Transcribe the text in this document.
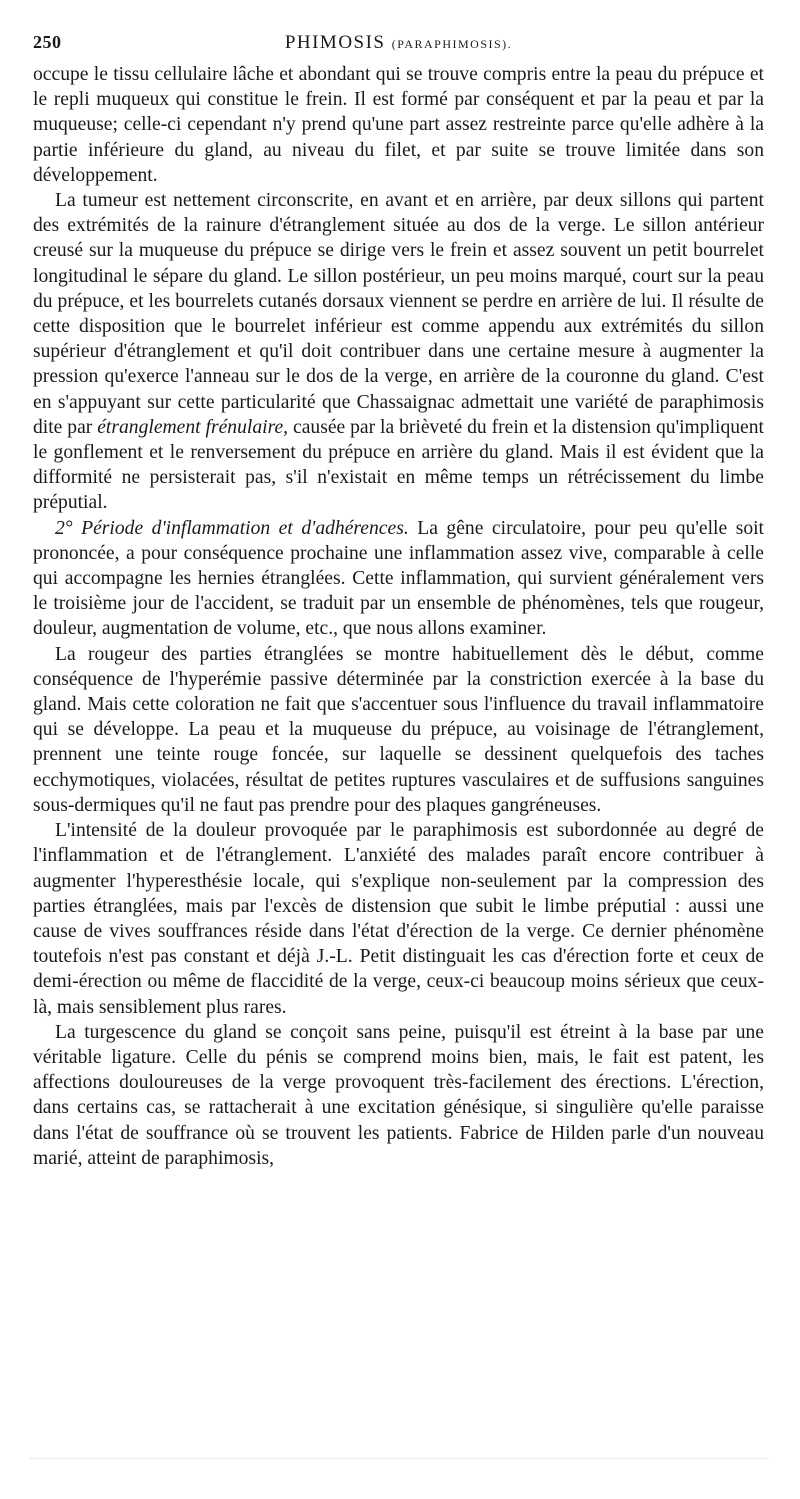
250	PHIMOSIS (PARAPHIMOSIS).

occupe le tissu cellulaire lâche et abondant qui se trouve compris entre la peau du prépuce et le repli muqueux qui constitue le frein. Il est formé par conséquent et par la peau et par la muqueuse; celle-ci cependant n'y prend qu'une part assez restreinte parce qu'elle adhère à la partie inférieure du gland, au niveau du filet, et par suite se trouve limitée dans son développement.

La tumeur est nettement circonscrite, en avant et en arrière, par deux sillons qui partent des extrémités de la rainure d'étranglement située au dos de la verge. Le sillon antérieur creusé sur la muqueuse du prépuce se dirige vers le frein et assez souvent un petit bourrelet longitudinal le sépare du gland. Le sillon postérieur, un peu moins marqué, court sur la peau du prépuce, et les bourrelets cutanés dorsaux viennent se perdre en arrière de lui. Il résulte de cette disposition que le bourrelet inférieur est comme appendu aux extrémités du sillon supérieur d'étranglement et qu'il doit contribuer dans une certaine mesure à augmenter la pression qu'exerce l'anneau sur le dos de la verge, en arrière de la couronne du gland. C'est en s'appuyant sur cette particularité que Chassaignac admettait une variété de paraphimosis dite par étranglement frénulaire, causée par la brièveté du frein et la distension qu'impliquent le gonflement et le renversement du prépuce en arrière du gland. Mais il est évident que la difformité ne persisterait pas, s'il n'existait en même temps un rétrécissement du limbe préputial.

2° Période d'inflammation et d'adhérences. La gêne circulatoire, pour peu qu'elle soit prononcée, a pour conséquence prochaine une inflammation assez vive, comparable à celle qui accompagne les hernies étranglées. Cette inflammation, qui survient généralement vers le troisième jour de l'accident, se traduit par un ensemble de phénomènes, tels que rougeur, douleur, augmentation de volume, etc., que nous allons examiner.

La rougeur des parties étranglées se montre habituellement dès le début, comme conséquence de l'hyperémie passive déterminée par la constriction exercée à la base du gland. Mais cette coloration ne fait que s'accentuer sous l'influence du travail inflammatoire qui se développe. La peau et la muqueuse du prépuce, au voisinage de l'étranglement, prennent une teinte rouge foncée, sur laquelle se dessinent quelquefois des taches ecchymotiques, violacées, résultat de petites ruptures vasculaires et de suffusions sanguines sous-dermiques qu'il ne faut pas prendre pour des plaques gangréneuses.

L'intensité de la douleur provoquée par le paraphimosis est subordonnée au degré de l'inflammation et de l'étranglement. L'anxiété des malades paraît encore contribuer à augmenter l'hyperesthésie locale, qui s'explique non-seulement par la compression des parties étranglées, mais par l'excès de distension que subit le limbe préputial : aussi une cause de vives souffrances réside dans l'état d'érection de la verge. Ce dernier phénomène toutefois n'est pas constant et déjà J.-L. Petit distinguait les cas d'érection forte et ceux de demi-érection ou même de flaccidité de la verge, ceux-ci beaucoup moins sérieux que ceux-là, mais sensiblement plus rares.

La turgescence du gland se conçoit sans peine, puisqu'il est étreint à la base par une véritable ligature. Celle du pénis se comprend moins bien, mais, le fait est patent, les affections douloureuses de la verge provoquent très-facilement des érections. L'érection, dans certains cas, se rattacherait à une excitation génésique, si singulière qu'elle paraisse dans l'état de souffrance où se trouvent les patients. Fabrice de Hilden parle d'un nouveau marié, atteint de paraphimosis,
